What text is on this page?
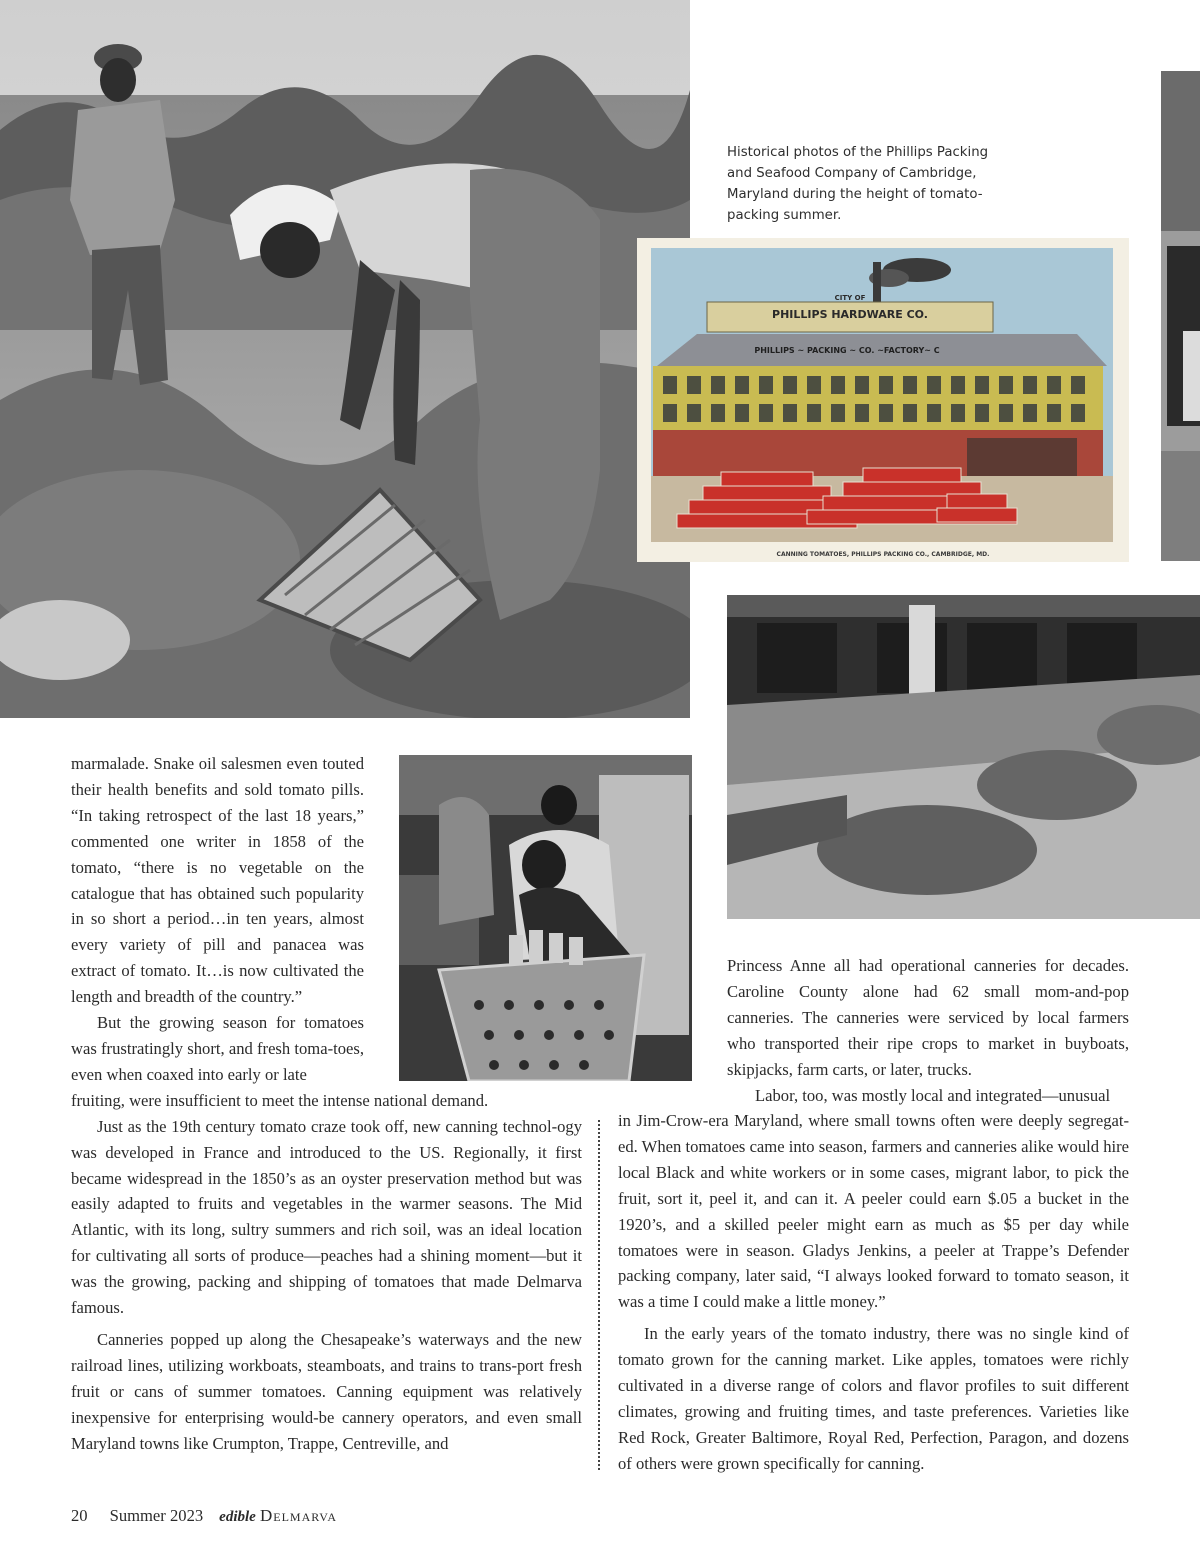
Historical photos of the Phillips Packing and Seafood Company of Cambridge, Maryland during the height of tomato-packing summer.

CITY OF
PHILLIPS HARDWARE CO.
PHILLIPS ~ PACKING ~ CO. ~FACTORY~ C
CANNING TOMATOES, PHILLIPS PACKING CO., CAMBRIDGE, MD.

marmalade. Snake oil salesmen even touted their health benefits and sold tomato pills. “In taking retrospect of the last 18 years,” commented one writer in 1858 of the tomato, “there is no vegetable on the catalogue that has obtained such popularity in so short a period…in ten years, almost every variety of pill and panacea was extract of tomato. It…is now cultivated the length and breadth of the country.”

But the growing season for tomatoes was frustratingly short, and fresh toma-toes, even when coaxed into early or late

fruiting, were insufficient to meet the intense national demand.

Just as the 19th century tomato craze took off, new canning technol-ogy was developed in France and introduced to the US. Regionally, it first became widespread in the 1850’s as an oyster preservation method but was easily adapted to fruits and vegetables in the warmer seasons. The Mid Atlantic, with its long, sultry summers and rich soil, was an ideal location for cultivating all sorts of produce—peaches had a shining moment—but it was the growing, packing and shipping of tomatoes that made Delmarva famous.

Canneries popped up along the Chesapeake’s waterways and the new railroad lines, utilizing workboats, steamboats, and trains to trans-port fresh fruit or cans of summer tomatoes. Canning equipment was relatively inexpensive for enterprising would-be cannery operators, and even small Maryland towns like Crumpton, Trappe, Centreville, and

Princess Anne all had operational canneries for decades. Caroline County alone had 62 small mom-and-pop canneries. The canneries were serviced by local farmers who transported their ripe crops to market in buyboats, skipjacks, farm carts, or later, trucks.

Labor, too, was mostly local and integrated—unusual

in Jim-Crow-era Maryland, where small towns often were deeply segregat-ed. When tomatoes came into season, farmers and canneries alike would hire local Black and white workers or in some cases, migrant labor, to pick the fruit, sort it, peel it, and can it. A peeler could earn $.05 a bucket in the 1920’s, and a skilled peeler might earn as much as $5 per day while tomatoes were in season. Gladys Jenkins, a peeler at Trappe’s Defender packing company, later said, “I always looked forward to tomato season, it was a time I could make a little money.”

In the early years of the tomato industry, there was no single kind of tomato grown for the canning market. Like apples, tomatoes were richly cultivated in a diverse range of colors and flavor profiles to suit different climates, growing and fruiting times, and taste preferences. Varieties like Red Rock, Greater Baltimore, Royal Red, Perfection, Paragon, and dozens of others were grown specifically for canning.

20 Summer 2023 edible Delmarva
